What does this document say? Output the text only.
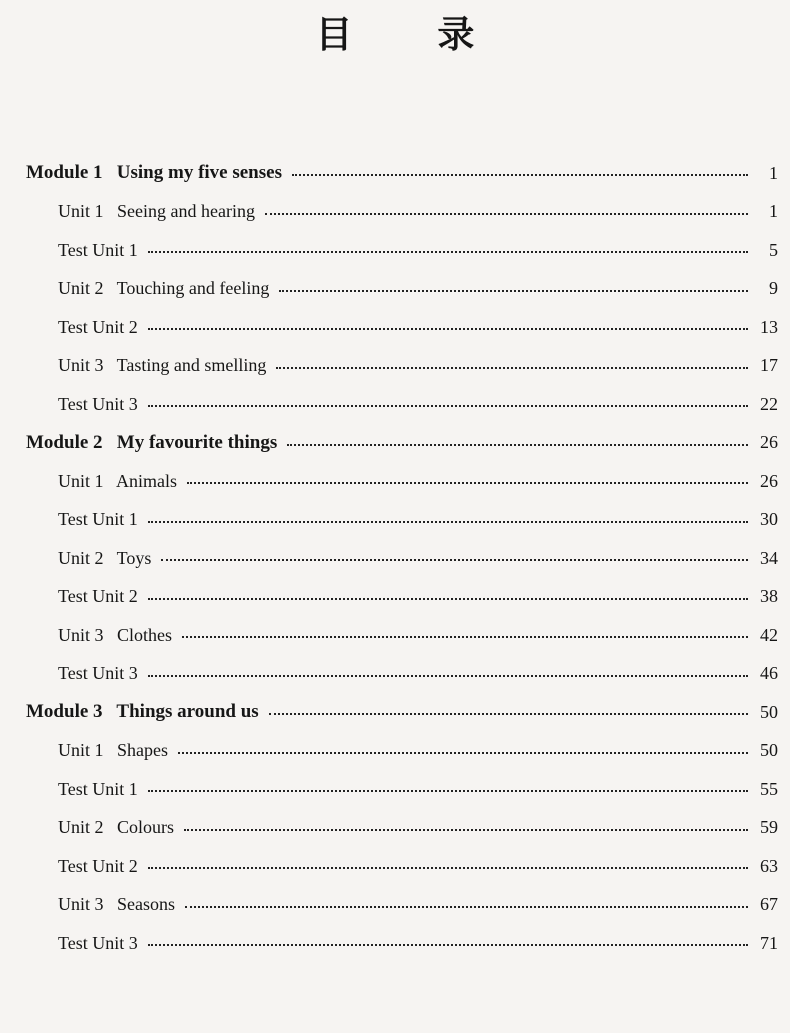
目 录
Module 1   Using my five senses	1
Unit 1   Seeing and hearing	1
Test Unit 1	5
Unit 2   Touching and feeling	9
Test Unit 2	13
Unit 3   Tasting and smelling	17
Test Unit 3	22
Module 2   My favourite things	26
Unit 1   Animals	26
Test Unit 1	30
Unit 2   Toys	34
Test Unit 2	38
Unit 3   Clothes	42
Test Unit 3	46
Module 3   Things around us	50
Unit 1   Shapes	50
Test Unit 1	55
Unit 2   Colours	59
Test Unit 2	63
Unit 3   Seasons	67
Test Unit 3	71
